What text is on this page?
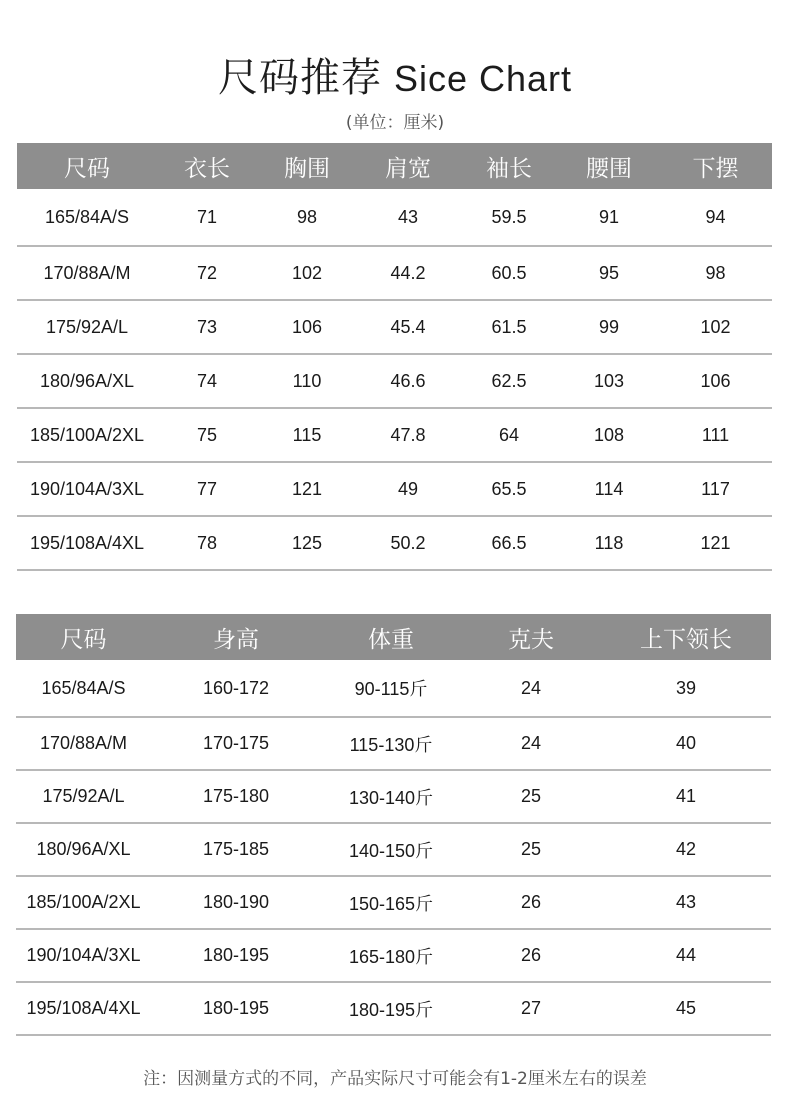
尺码推荐 Sice Chart
(单位：厘米)
尺码	衣长	胸围	肩宽	袖长	腰围	下摆
165/84A/S	71	98	43	59.5	91	94
170/88A/M	72	102	44.2	60.5	95	98
175/92A/L	73	106	45.4	61.5	99	102
180/96A/XL	74	110	46.6	62.5	103	106
185/100A/2XL	75	115	47.8	64	108	111
190/104A/3XL	77	121	49	65.5	114	117
195/108A/4XL	78	125	50.2	66.5	118	121
尺码	身高	体重	克夫	上下领长
165/84A/S	160-172	90-115斤	24	39
170/88A/M	170-175	115-130斤	24	40
175/92A/L	175-180	130-140斤	25	41
180/96A/XL	175-185	140-150斤	25	42
185/100A/2XL	180-190	150-165斤	26	43
190/104A/3XL	180-195	165-180斤	26	44
195/108A/4XL	180-195	180-195斤	27	45
注：因测量方式的不同，产品实际尺寸可能会有1-2厘米左右的误差
